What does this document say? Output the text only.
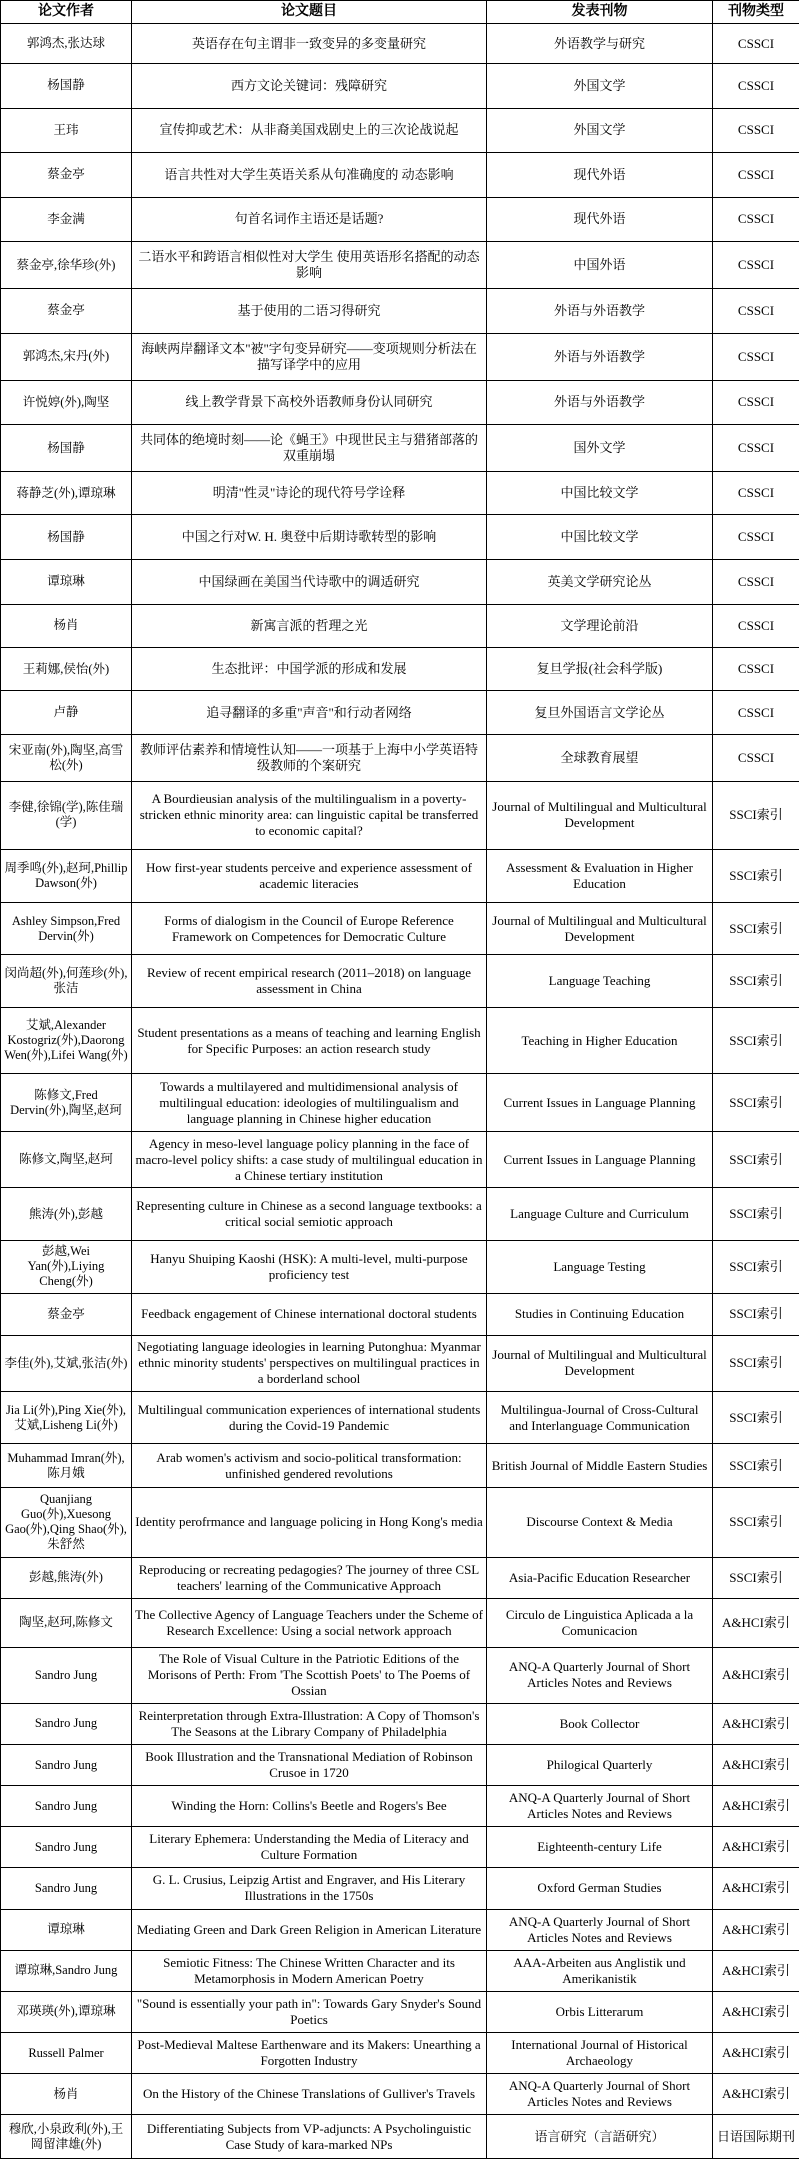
论文作者	论文题目	发表刊物	刊物类型
郭鸿杰,张达球	英语存在句主谓非一致变异的多变量研究	外语教学与研究	CSSCI
杨国静	西方文论关键词：残障研究	外国文学	CSSCI
王玮	宣传抑或艺术：从非裔美国戏剧史上的三次论战说起	外国文学	CSSCI
蔡金亭	语言共性对大学生英语关系从句准确度的 动态影响	现代外语	CSSCI
李金满	句首名词作主语还是话题?	现代外语	CSSCI
蔡金亭,徐华珍(外)	二语水平和跨语言相似性对大学生 使用英语形名搭配的动态影响	中国外语	CSSCI
蔡金亭	基于使用的二语习得研究	外语与外语教学	CSSCI
郭鸿杰,宋丹(外)	海峡两岸翻译文本"被"字句变异研究——变项规则分析法在描写译学中的应用	外语与外语教学	CSSCI
许悦婷(外),陶坚	线上教学背景下高校外语教师身份认同研究	外语与外语教学	CSSCI
杨国静	共同体的绝境时刻——论《蝇王》中现世民主与猎猪部落的双重崩塌	国外文学	CSSCI
蒋静芝(外),谭琼琳	明清"性灵"诗论的现代符号学诠释	中国比较文学	CSSCI
杨国静	中国之行对W. H. 奥登中后期诗歌转型的影响	中国比较文学	CSSCI
谭琼琳	中国绿画在美国当代诗歌中的调适研究	英美文学研究论丛	CSSCI
杨肖	新寓言派的哲理之光	文学理论前沿	CSSCI
王莉娜,侯怡(外)	生态批评：中国学派的形成和发展	复旦学报(社会科学版)	CSSCI
卢静	追寻翻译的多重"声音"和行动者网络	复旦外国语言文学论丛	CSSCI
宋亚南(外),陶坚,高雪松(外)	教师评估素养和情境性认知——一项基于上海中小学英语特级教师的个案研究	全球教育展望	CSSCI
李健,徐锦(学),陈佳瑞(学)	A Bourdieusian analysis of the multilingualism in a poverty-stricken ethnic minority area: can linguistic capital be transferred to economic capital?	Journal of Multilingual and Multicultural Development	SSCI索引
周季鸣(外),赵珂,Phillip Dawson(外)	How first-year students perceive and experience assessment of academic literacies	Assessment & Evaluation in Higher Education	SSCI索引
Ashley Simpson,Fred Dervin(外)	Forms of dialogism in the Council of Europe Reference Framework on Competences for Democratic Culture	Journal of Multilingual and Multicultural Development	SSCI索引
闵尚超(外),何莲珍(外),张洁	Review of recent empirical research (2011–2018) on language assessment in China	Language Teaching	SSCI索引
艾斌,Alexander Kostogriz(外),Daorong Wen(外),Lifei Wang(外)	Student presentations as a means of teaching and learning English for Specific Purposes: an action research study	Teaching in Higher Education	SSCI索引
陈修文,Fred Dervin(外),陶坚,赵珂	Towards a multilayered and multidimensional analysis of multilingual education: ideologies of multilingualism and language planning in Chinese higher education	Current Issues in Language Planning	SSCI索引
陈修文,陶坚,赵珂	Agency in meso-level language policy planning in the face of macro-level policy shifts: a case study of multilingual education in a Chinese tertiary institution	Current Issues in Language Planning	SSCI索引
熊涛(外),彭越	Representing culture in Chinese as a second language textbooks: a critical social semiotic approach	Language Culture and Curriculum	SSCI索引
彭越,Wei Yan(外),Liying Cheng(外)	Hanyu Shuiping Kaoshi (HSK): A multi-level, multi-purpose proficiency test	Language Testing	SSCI索引
蔡金亭	Feedback engagement of Chinese international doctoral students	Studies in Continuing Education	SSCI索引
李佳(外),艾斌,张洁(外)	Negotiating language ideologies in learning Putonghua: Myanmar ethnic minority students' perspectives on multilingual practices in a borderland school	Journal of Multilingual and Multicultural Development	SSCI索引
Jia Li(外),Ping Xie(外),艾斌,Lisheng Li(外)	Multilingual communication experiences of international students during the Covid-19 Pandemic	Multilingua-Journal of Cross-Cultural and Interlanguage Communication	SSCI索引
Muhammad Imran(外),陈月娥	Arab women's activism and socio-political transformation: unfinished gendered revolutions	British Journal of Middle Eastern Studies	SSCI索引
Quanjiang Guo(外),Xuesong Gao(外),Qing Shao(外),朱舒然	Identity perofrmance and language policing in Hong Kong's media	Discourse Context & Media	SSCI索引
彭越,熊涛(外)	Reproducing or recreating pedagogies? The journey of three CSL teachers' learning of the Communicative Approach	Asia-Pacific Education Researcher	SSCI索引
陶坚,赵珂,陈修文	The Collective Agency of Language Teachers under the Scheme of Research Excellence: Using a social network approach	Circulo de Linguistica Aplicada a la Comunicacion	A&HCI索引
Sandro Jung	The Role of Visual Culture in the Patriotic Editions of the Morisons of Perth: From 'The Scottish Poets' to The Poems of Ossian	ANQ-A Quarterly Journal of Short Articles Notes and Reviews	A&HCI索引
Sandro Jung	Reinterpretation through Extra-Illustration: A Copy of Thomson's The Seasons at the Library Company of Philadelphia	Book Collector	A&HCI索引
Sandro Jung	Book Illustration and the Transnational Mediation of Robinson Crusoe in 1720	Philogical Quarterly	A&HCI索引
Sandro Jung	Winding the Horn: Collins's Beetle and Rogers's Bee	ANQ-A Quarterly Journal of Short Articles Notes and Reviews	A&HCI索引
Sandro Jung	Literary Ephemera: Understanding the Media of Literacy and Culture Formation	Eighteenth-century Life	A&HCI索引
Sandro Jung	G. L. Crusius, Leipzig Artist and Engraver, and His Literary Illustrations in the 1750s	Oxford German Studies	A&HCI索引
谭琼琳	Mediating Green and Dark Green Religion in American Literature	ANQ-A Quarterly Journal of Short Articles Notes and Reviews	A&HCI索引
谭琼琳,Sandro Jung	Semiotic Fitness: The Chinese Written Character and its Metamorphosis in Modern American Poetry	AAA-Arbeiten aus Anglistik und Amerikanistik	A&HCI索引
邓瑛瑛(外),谭琼琳	"Sound is essentially your path in": Towards Gary Snyder's Sound Poetics	Orbis Litterarum	A&HCI索引
Russell Palmer	Post-Medieval Maltese Earthenware and its Makers: Unearthing a Forgotten Industry	International Journal of Historical Archaeology	A&HCI索引
杨肖	On the History of the Chinese Translations of Gulliver's Travels	ANQ-A Quarterly Journal of Short Articles Notes and Reviews	A&HCI索引
穆欣,小泉政利(外),王岡留津雄(外)	Differentiating Subjects from VP-adjuncts: A Psycholinguistic Case Study of kara-marked NPs	语言研究（言語研究）	日语国际期刊
